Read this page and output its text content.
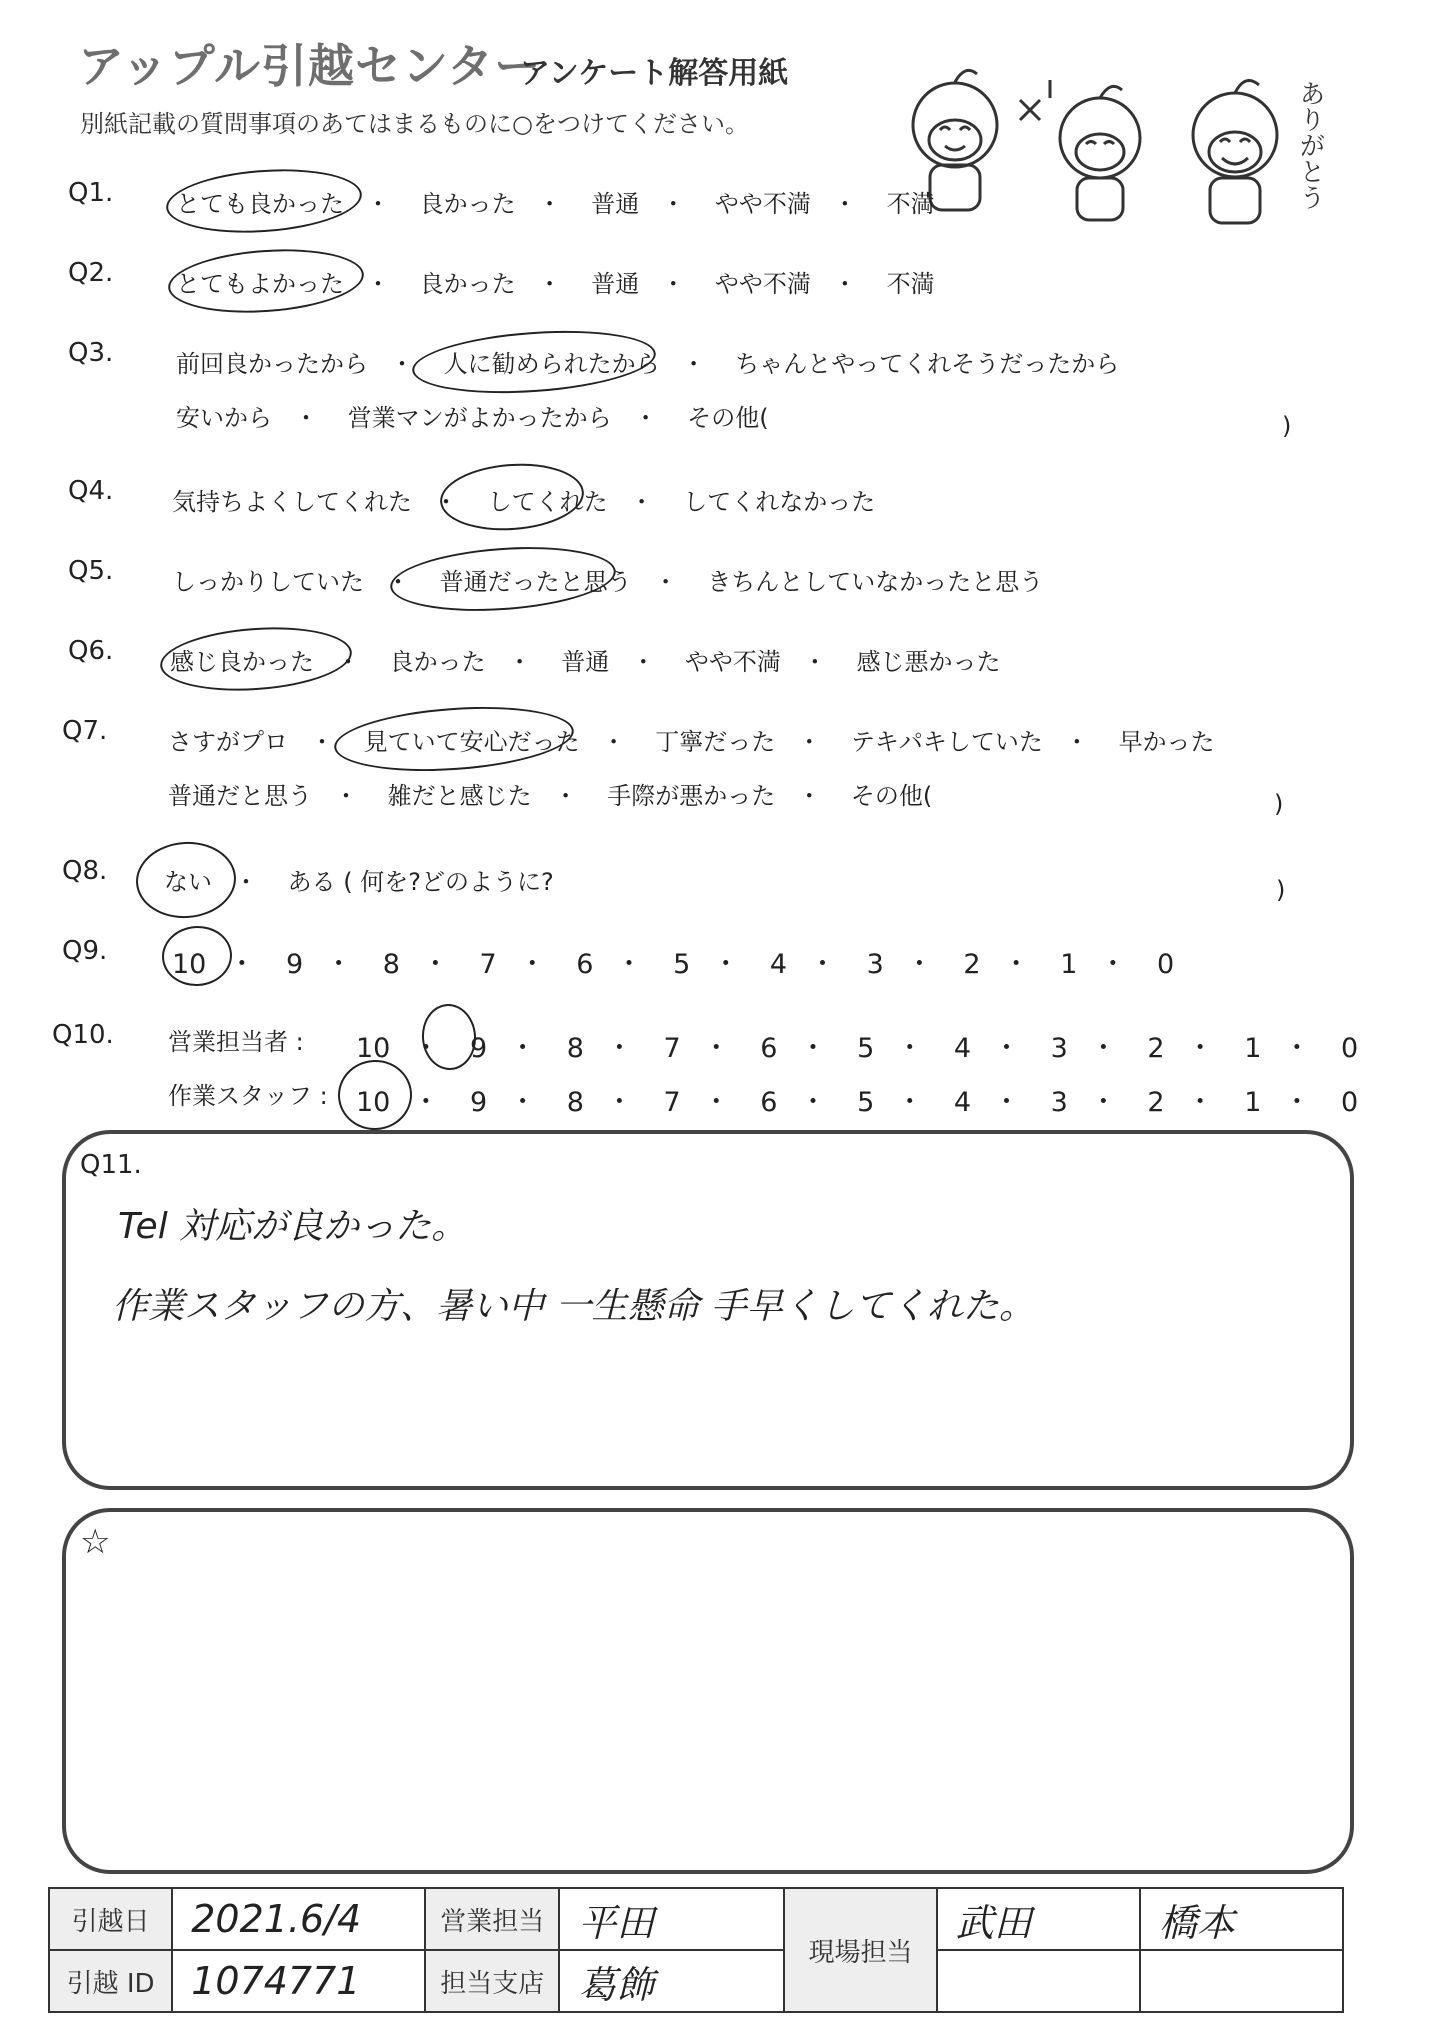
アップル引越センター
アンケート解答用紙
別紙記載の質問事項のあてはまるものに○をつけてください。	ありがとう
Q1.	とても良かった ・ 良かった ・ 普通 ・ やや不満 ・ 不満
Q2.	とてもよかった ・ 良かった ・ 普通 ・ やや不満 ・ 不満
Q3.	前回良かったから ・ 人に勧められたから ・ ちゃんとやってくれそうだったから
安いから ・ 営業マンがよかったから ・ その他(	)
Q4. 気持ちよくしてくれた ・ してくれた ・ してくれなかった
Q5. しっかりしていた ・ 普通だったと思う ・ きちんとしていなかったと思う
Q6. 感じ良かった ・ 良かった ・ 普通 ・ やや不満 ・ 感じ悪かった
Q7.	さすがプロ ・ 見ていて安心だった ・ 丁寧だった ・ テキパキしていた ・ 早かった
普通だと思う ・ 雑だと感じた ・ 手際が悪かった ・ その他(	)
Q8. ない ・ ある ( 何を?どのように?	)
Q9. 10 ・ 9 ・ 8 ・ 7 ・ 6 ・ 5 ・ 4 ・ 3 ・ 2 ・ 1 ・ 0
Q10. 営業担当者 : 10 ・ 9 ・ 8 ・ 7 ・ 6 ・ 5 ・ 4 ・ 3 ・ 2 ・ 1 ・ 0
作業スタッフ : 10 ・ 9 ・ 8 ・ 7 ・ 6 ・ 5 ・ 4 ・ 3 ・ 2 ・ 1 ・ 0
Q11.
Tel 対応が良かった。
作業スタッフの方、暑い中 一生懸命 手早くしてくれた。
☆
引越日	2021.6/4	営業担当	平田	現場担当	武田	橋本
引越 ID	1074771	担当支店	葛飾			
